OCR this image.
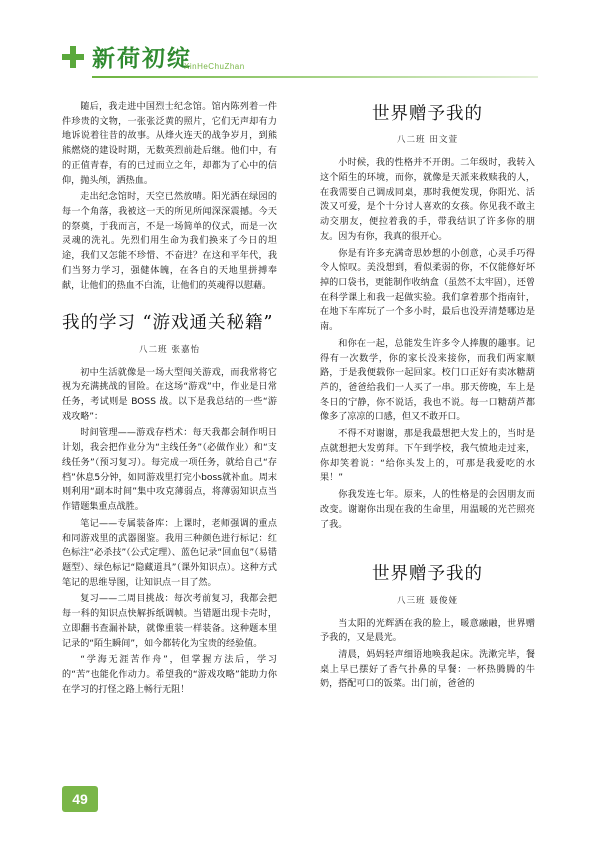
新荷初绽
XinHeChuZhan

随后，我走进中国烈士纪念馆。馆内陈列着一件件珍贵的文物，一张张泛黄的照片，它们无声却有力地诉说着往昔的故事。从烽火连天的战争岁月，到熊熊燃烧的建设时期，无数英烈前赴后继。他们中，有的正值青春，有的已过而立之年，却都为了心中的信仰，抛头颅，洒热血。

走出纪念馆时，天空已然放晴。阳光洒在绿园的每一个角落，我被这一天的所见所闻深深震撼。今天的祭奠，于我而言，不是一场简单的仪式，而是一次灵魂的洗礼。先烈们用生命为我们换来了今日的坦途，我们又怎能不珍惜、不奋进？在这和平年代，我们当努力学习，强健体魄，在各自的天地里拼搏奉献，让他们的热血不白流，让他们的英魂得以慰藉。

我的学习 “游戏通关秘籍”
八二班 张嘉怡

初中生活就像是一场大型闯关游戏，而我常将它视为充满挑战的冒险。在这场“游戏”中，作业是日常任务，考试则是 BOSS 战。以下是我总结的一些“游戏攻略”：

时间管理——游戏存档术：每天我都会制作明日计划，我会把作业分为“主线任务”（必做作业）和“支线任务”（预习复习）。每完成一项任务，就给自己“存档”休息5分钟，如同游戏里打完小boss就补血。周末则利用“副本时间”集中攻克薄弱点，将薄弱知识点当作错题集重点战胜。

笔记——专属装备库：上课时，老师强调的重点和同游戏里的武器图鉴。我用三种颜色进行标记：红色标注“必杀技”（公式定理）、蓝色记录“回血包”（易错题型）、绿色标记“隐藏道具”（课外知识点）。这种方式笔记的思维导图，让知识点一目了然。

复习——二周目挑战：每次考前复习，我都会把每一科的知识点快解拆纸调帧。当错题出现卡壳时，立即翻书查漏补缺，就像重装一样装备。这种题本里记录的“陌生瞬间”，如今都转化为宝贵的经验值。

“学海无涯苦作舟”，但掌握方法后，学习的“苦”也能化作动力。希望我的“游戏攻略”能助力你在学习的打怪之路上畅行无阻！

世界赠予我的
八二班 田文萱

小时候，我的性格并不开朗。二年级时，我转入这个陌生的环境，而你，就像是天派来救赎我的人，在我需要自己调成同桌，那时我便发现，你阳光、活泼又可爱，是个十分讨人喜欢的女孩。你见我不敢主动交朋友，便拉着我的手，带我结识了许多你的朋友。因为有你，我真的很开心。

你是有许多充满奇思妙想的小创意，心灵手巧得令人惊叹。美没想到，看似柔弱的你，不仅能修好坏掉的口袋书，更能制作收纳盒（虽然不太牢固），还曾在科学课上和我一起做实验。我们拿着那个指南针，在地下车库玩了一个多小时，最后也没弄清楚哪边是南。

和你在一起，总能发生许多令人捧腹的趣事。记得有一次数学，你的家长没来接你，而我们两家顺路，于是我便载你一起回家。校门口正好有卖冰糖葫芦的，爸爸给我们一人买了一串。那天傍晚，车上是冬日的宁静，你不说话，我也不说。每一口糖葫芦都像多了凉凉的口感，但又不敢开口。

不得不对谢谢，那是我最想把大发上的，当时是点就想把大发剪拜。下午到学校，我气愤地走过来，你却笑着说：“给你头发上的，可那是我爱吃的水果！”

你我发连七年。原来，人的性格是的会因朋友而改变。谢谢你出现在我的生命里，用温暖的光芒照亮了我。

世界赠予我的
八三班 聂俊娅

当太阳的光辉洒在我的脸上，暖意融融，世界赠予我的，又是晨光。

清晨，妈妈轻声细语地唤我起床。洗漱完毕，餐桌上早已摆好了香气扑鼻的早餐：一杯热腾腾的牛奶，搭配可口的饭菜。出门前，爸爸的

49
